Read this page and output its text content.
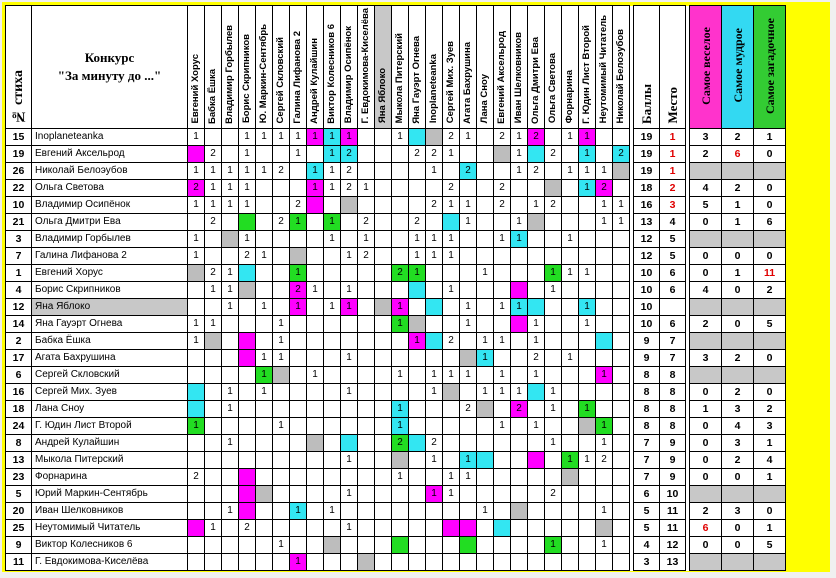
№ стиха	Конкурс
"За минуту до ..."	Евгений Хорус	Бабка Ёшка	Владимир Горбылев	Борис Скрипников	Ю. Маркин-Сентябрь	Сергей Скловский	Галина Лифанова 2	Андрей Кулайшин	Виктор Колесников 6	Владимир Осипёнок	Г. Евдокимова-Киселёва	Яна Яблоко	Мыкола Питерский	Яна Гауэрт Огнева	Inoplaneteanka	Сергей Мих. Зуев	Агата Бахрушина	Лана Сноу	Евгений Аксельрод	Иван Шелковников	Ольга Дмитри Ева	Ольга Светова	Форнарина	Г. Юдин Лист Второй	Неутомимый Читатель	Николай Белоэубов		Баллы	Место		Самое веселое	Самое мудрое	Самое загадочное
15	Inoplaneteanka	1			1	1	1	1	1	1	1			1			2	1		2	1	2		1	1				19	1		3	2	1
19	Евгений Аксельрод		2		1			1		1	2				2	2	1				1		2		1		2		19	1		2	6	0
26	Николай Белоэубов	1	1	1	1	1	2		1	1	2					1		2			1	2		1	1	1			19	1				
22	Ольга Светова	2	1	1	1				1	1	2	1					2			2					1	2			18	2		4	2	0
10	Владимир Осипёнок	1	1	1	1			2								2	1	1		2		1	2			1	1		16	3		5	1	0
21	Ольга Дмитри Ева		2				2	1		1		2			2			1			1					1	1		13	4		0	1	6
3	Владимир Горбылев	1			1					1		1			1	1	1			1	1			1					12	5				
7	Галина Лифанова 2	1			2	1					1	2			1	1	1												12	5		0	0	0
1	Евгений Хорус		2	1				1						2	1				1				1	1	1				10	6		0	1	11
4	Борис Скрипников		1	1				2	1		1						1						1						10	6		4	0	2
12	Яна Яблоко			1		1		1		1	1			1				1		1	1				1				10					
14	Яна Гауэрт Огнева	1	1				1							1				1				1			1				10	6		2	0	5
2	Бабка Ёшка	1					1								1		2		1	1		1							9	7				
17	Агата Бахрушина					1	1				1								1			2		1					9	7		3	2	0
6	Сергей Скловский					1			1					1		1	1	1		1		1				1			8	8				
16	Сергей Мих. Зуев			1		1					1					1			1	1	1		1						8	8		0	2	0
18	Лана Сноу			1										1				2			2		1		1				8	8		1	3	2
24	Г. Юдин Лист Второй	1					1							1						1		1				1			8	8		0	4	3
8	Андрей Кулайшин			1										2		2							1			1			7	9		0	3	1
13	Мыкола Питерский										1					1		1						1	1	2			7	9		0	2	4
23	Форнарина	2												1			1	1											7	9		0	0	1
5	Юрий Маркин-Сентябрь										1					1	1						2						6	10				
20	Иван Шелковников			1				1		1									1							1			5	11		2	3	0
25	Неутомимый Читатель		1		2						1																		5	11		6	0	1
9	Виктор Колесников 6						1																1			1			4	12		0	0	5
11	Г. Евдокимова-Киселёва							1																					3	13				
